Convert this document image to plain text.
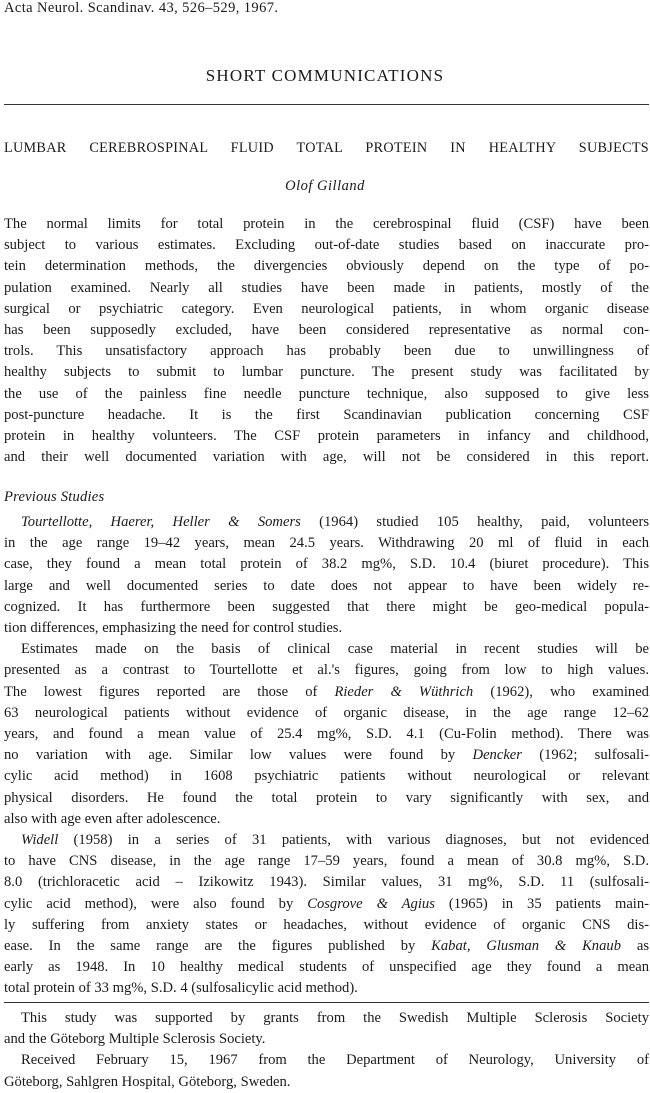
Acta Neurol. Scandinav. 43, 526–529, 1967.
SHORT COMMUNICATIONS
LUMBAR CEREBROSPINAL FLUID TOTAL PROTEIN IN HEALTHY SUBJECTS
Olof Gilland
The normal limits for total protein in the cerebrospinal fluid (CSF) have been
subject to various estimates. Excluding out-of-date studies based on inaccurate pro-
tein determination methods, the divergencies obviously depend on the type of po-
pulation examined. Nearly all studies have been made in patients, mostly of the
surgical or psychiatric category. Even neurological patients, in whom organic disease
has been supposedly excluded, have been considered representative as normal con-
trols. This unsatisfactory approach has probably been due to unwillingness of
healthy subjects to submit to lumbar puncture. The present study was facilitated by
the use of the painless fine needle puncture technique, also supposed to give less
post-puncture headache. It is the first Scandinavian publication concerning CSF
protein in healthy volunteers. The CSF protein parameters in infancy and childhood,
and their well documented variation with age, will not be considered in this report.
Previous Studies
Tourtellotte, Haerer, Heller & Somers (1964) studied 105 healthy, paid, volunteers
in the age range 19–42 years, mean 24.5 years. Withdrawing 20 ml of fluid in each
case, they found a mean total protein of 38.2 mg%, S.D. 10.4 (biuret procedure). This
large and well documented series to date does not appear to have been widely re-
cognized. It has furthermore been suggested that there might be geo-medical popula-
tion differences, emphasizing the need for control studies.
Estimates made on the basis of clinical case material in recent studies will be
presented as a contrast to Tourtellotte et al.'s figures, going from low to high values.
The lowest figures reported are those of Rieder & Wüthrich (1962), who examined
63 neurological patients without evidence of organic disease, in the age range 12–62
years, and found a mean value of 25.4 mg%, S.D. 4.1 (Cu-Folin method). There was
no variation with age. Similar low values were found by Dencker (1962; sulfosali-
cylic acid method) in 1608 psychiatric patients without neurological or relevant
physical disorders. He found the total protein to vary significantly with sex, and
also with age even after adolescence.
Widell (1958) in a series of 31 patients, with various diagnoses, but not evidenced
to have CNS disease, in the age range 17–59 years, found a mean of 30.8 mg%, S.D.
8.0 (trichloracetic acid – Izikowitz 1943). Similar values, 31 mg%, S.D. 11 (sulfosali-
cylic acid method), were also found by Cosgrove & Agius (1965) in 35 patients main-
ly suffering from anxiety states or headaches, without evidence of organic CNS dis-
ease. In the same range are the figures published by Kabat, Glusman & Knaub as
early as 1948. In 10 healthy medical students of unspecified age they found a mean
total protein of 33 mg%, S.D. 4 (sulfosalicylic acid method).
This study was supported by grants from the Swedish Multiple Sclerosis Society
and the Göteborg Multiple Sclerosis Society.
Received February 15, 1967 from the Department of Neurology, University of
Göteborg, Sahlgren Hospital, Göteborg, Sweden.
